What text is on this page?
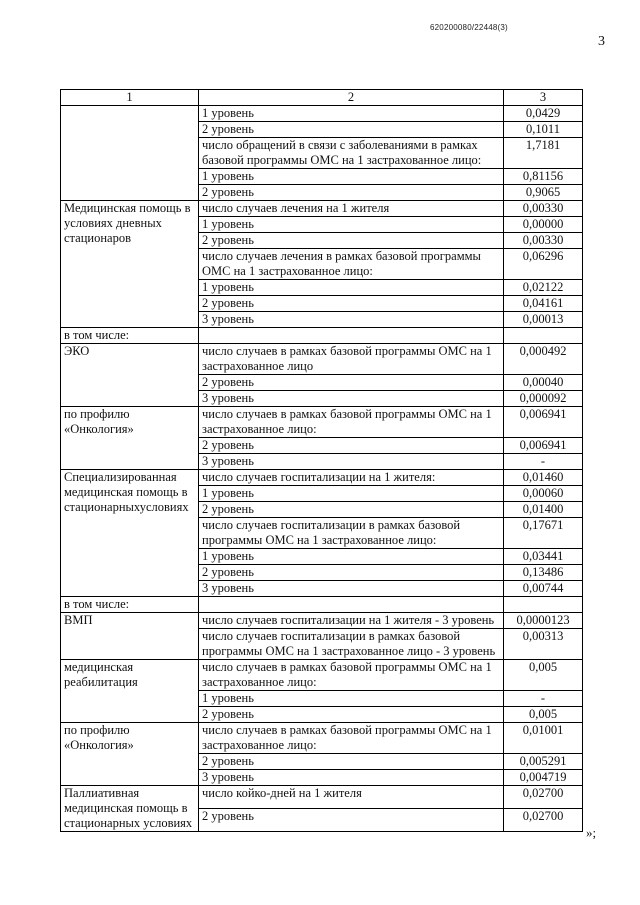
620200080/22448(3)
3
1	2	3
	1 уровень	0,0429
	2 уровень	0,1011
	число обращений в связи с заболеваниями в рамках базовой программы ОМС на 1 застрахованное лицо:	1,7181
	1 уровень	0,81156
	2 уровень	0,9065
Медицинская помощь в условиях дневных стационаров	число случаев лечения на 1 жителя	0,00330
	1 уровень	0,00000
	2 уровень	0,00330
	число случаев лечения в рамках базовой программы ОМС на 1 застрахованное лицо:	0,06296
	1 уровень	0,02122
	2 уровень	0,04161
	3 уровень	0,00013
в том числе:		
ЭКО	число случаев в рамках базовой программы ОМС на 1 застрахованное лицо	0,000492
	2 уровень	0,00040
	3 уровень	0,000092
по профилю «Онкология»	число случаев в рамках базовой программы ОМС на 1 застрахованное лицо:	0,006941
	2 уровень	0,006941
	3 уровень	-
Специализированная медицинская помощь в стационарныхусловиях	число случаев госпитализации на 1 жителя:	0,01460
	1 уровень	0,00060
	2 уровень	0,01400
	число случаев госпитализации в рамках базовой программы ОМС на 1 застрахованное лицо:	0,17671
	1 уровень	0,03441
	2 уровень	0,13486
	3 уровень	0,00744
в том числе:		
ВМП	число случаев госпитализации на 1 жителя - 3 уровень	0,0000123
	число случаев госпитализации в рамках базовой программы ОМС на 1 застрахованное лицо - 3 уровень	0,00313
медицинская реабилитация	число случаев в рамках базовой программы ОМС на 1 застрахованное лицо:	0,005
	1 уровень	-
	2 уровень	0,005
по профилю «Онкология»	число случаев в рамках базовой программы ОМС на 1 застрахованное лицо:	0,01001
	2 уровень	0,005291
	3 уровень	0,004719
Паллиативная медицинская помощь в стационарных условиях	число койко-дней на 1 жителя	0,02700
	2 уровень	0,02700
»;
